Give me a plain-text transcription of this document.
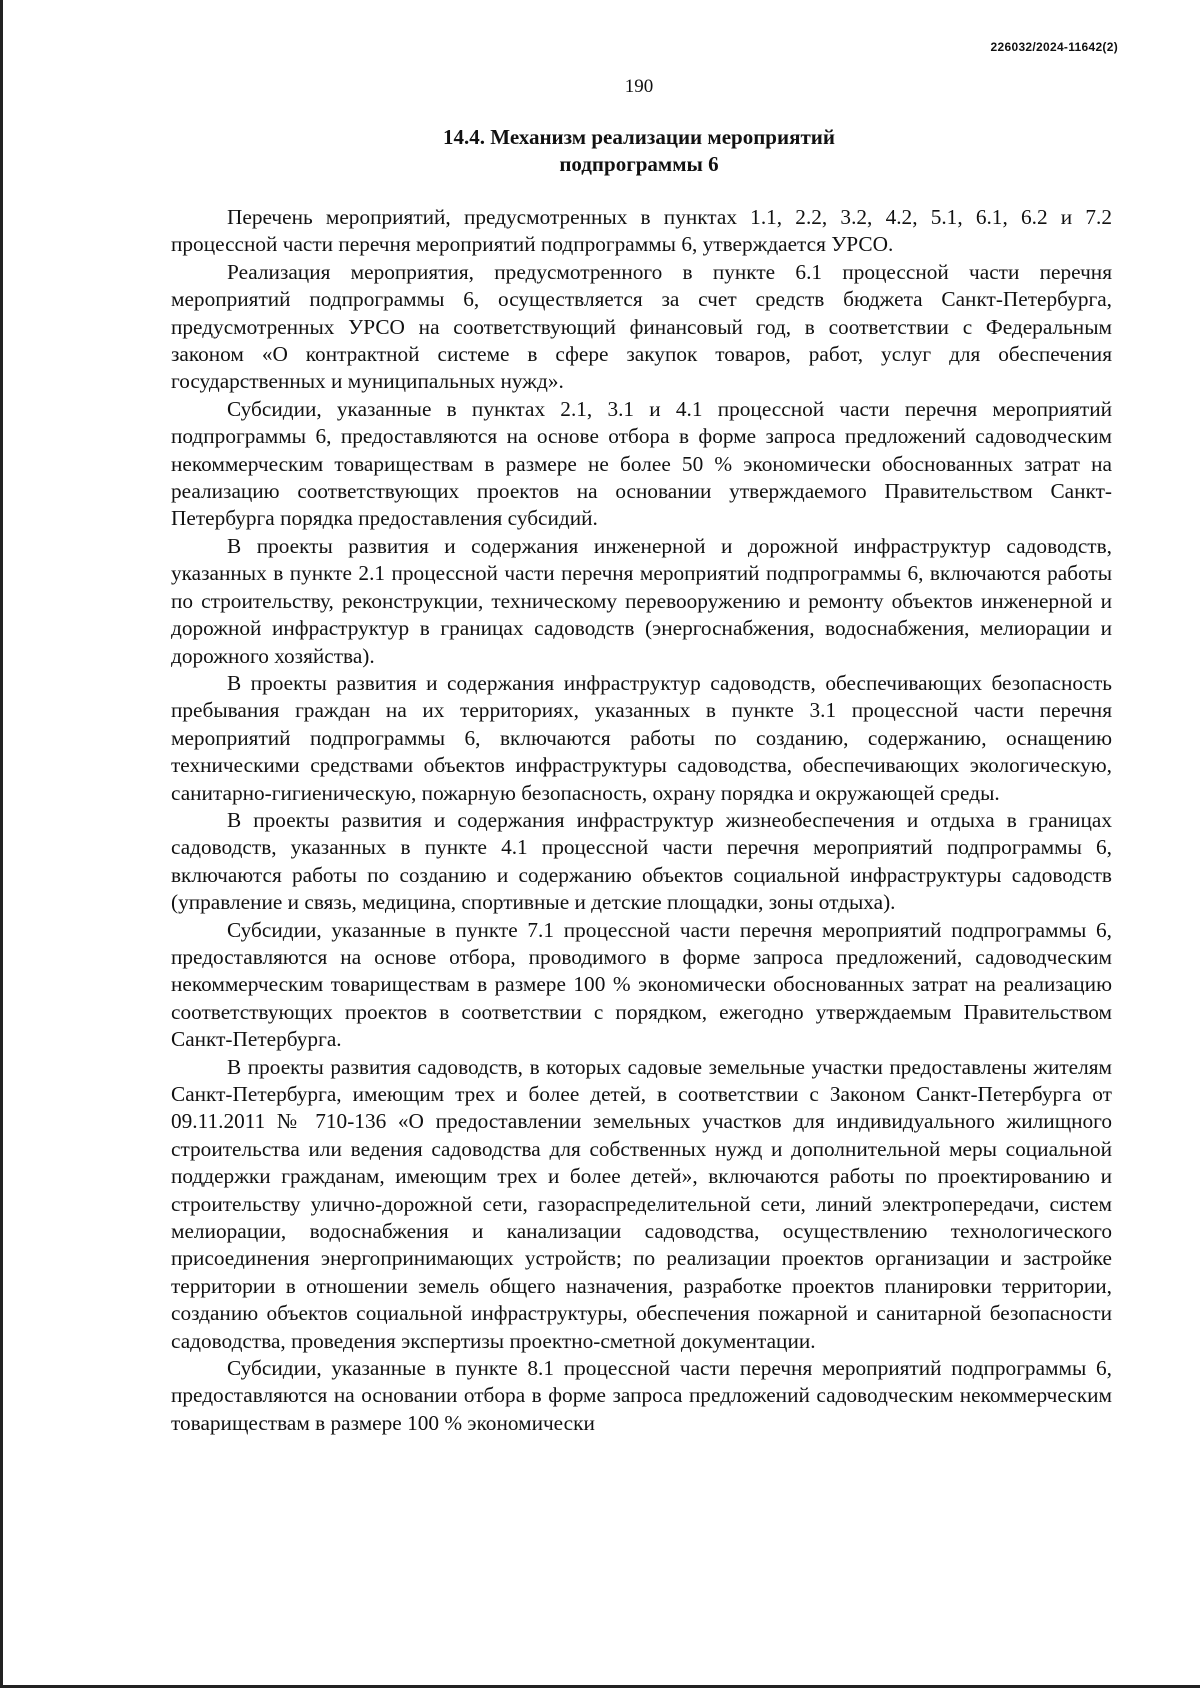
226032/2024-11642(2)
190
14.4. Механизм реализации мероприятий
подпрограммы 6

Перечень мероприятий, предусмотренных в пунктах 1.1, 2.2, 3.2, 4.2, 5.1, 6.1, 6.2 и 7.2 процессной части перечня мероприятий подпрограммы 6, утверждается УРСО.

Реализация мероприятия, предусмотренного в пункте 6.1 процессной части перечня мероприятий подпрограммы 6, осуществляется за счет средств бюджета Санкт-Петербурга, предусмотренных УРСО на соответствующий финансовый год, в соответствии с Федеральным законом «О контрактной системе в сфере закупок товаров, работ, услуг для обеспечения государственных и муниципальных нужд».

Субсидии, указанные в пунктах 2.1, 3.1 и 4.1 процессной части перечня мероприятий подпрограммы 6, предоставляются на основе отбора в форме запроса предложений садоводческим некоммерческим товариществам в размере не более 50 % экономически обоснованных затрат на реализацию соответствующих проектов на основании утверждаемого Правительством Санкт-Петербурга порядка предоставления субсидий.

В проекты развития и содержания инженерной и дорожной инфраструктур садоводств, указанных в пункте 2.1 процессной части перечня мероприятий подпрограммы 6, включаются работы по строительству, реконструкции, техническому перевооружению и ремонту объектов инженерной и дорожной инфраструктур в границах садоводств (энергоснабжения, водоснабжения, мелиорации и дорожного хозяйства).

В проекты развития и содержания инфраструктур садоводств, обеспечивающих безопасность пребывания граждан на их территориях, указанных в пункте 3.1 процессной части перечня мероприятий подпрограммы 6, включаются работы по созданию, содержанию, оснащению техническими средствами объектов инфраструктуры садоводства, обеспечивающих экологическую, санитарно-гигиеническую, пожарную безопасность, охрану порядка и окружающей среды.

В проекты развития и содержания инфраструктур жизнеобеспечения и отдыха в границах садоводств, указанных в пункте 4.1 процессной части перечня мероприятий подпрограммы 6, включаются работы по созданию и содержанию объектов социальной инфраструктуры садоводств (управление и связь, медицина, спортивные и детские площадки, зоны отдыха).

Субсидии, указанные в пункте 7.1 процессной части перечня мероприятий подпрограммы 6, предоставляются на основе отбора, проводимого в форме запроса предложений, садоводческим некоммерческим товариществам в размере 100 % экономически обоснованных затрат на реализацию соответствующих проектов в соответствии с порядком, ежегодно утверждаемым Правительством Санкт-Петербурга.

В проекты развития садоводств, в которых садовые земельные участки предоставлены жителям Санкт-Петербурга, имеющим трех и более детей, в соответствии с Законом Санкт-Петербурга от 09.11.2011 № 710-136 «О предоставлении земельных участков для индивидуального жилищного строительства или ведения садоводства для собственных нужд и дополнительной меры социальной поддержки гражданам, имеющим трех и более детей», включаются работы по проектированию и строительству улично-дорожной сети, газораспределительной сети, линий электропередачи, систем мелиорации, водоснабжения и канализации садоводства, осуществлению технологического присоединения энергопринимающих устройств; по реализации проектов организации и застройке территории в отношении земель общего назначения, разработке проектов планировки территории, созданию объектов социальной инфраструктуры, обеспечения пожарной и санитарной безопасности садоводства, проведения экспертизы проектно-сметной документации.

Субсидии, указанные в пункте 8.1 процессной части перечня мероприятий подпрограммы 6, предоставляются на основании отбора в форме запроса предложений садоводческим некоммерческим товариществам в размере 100 % экономически
